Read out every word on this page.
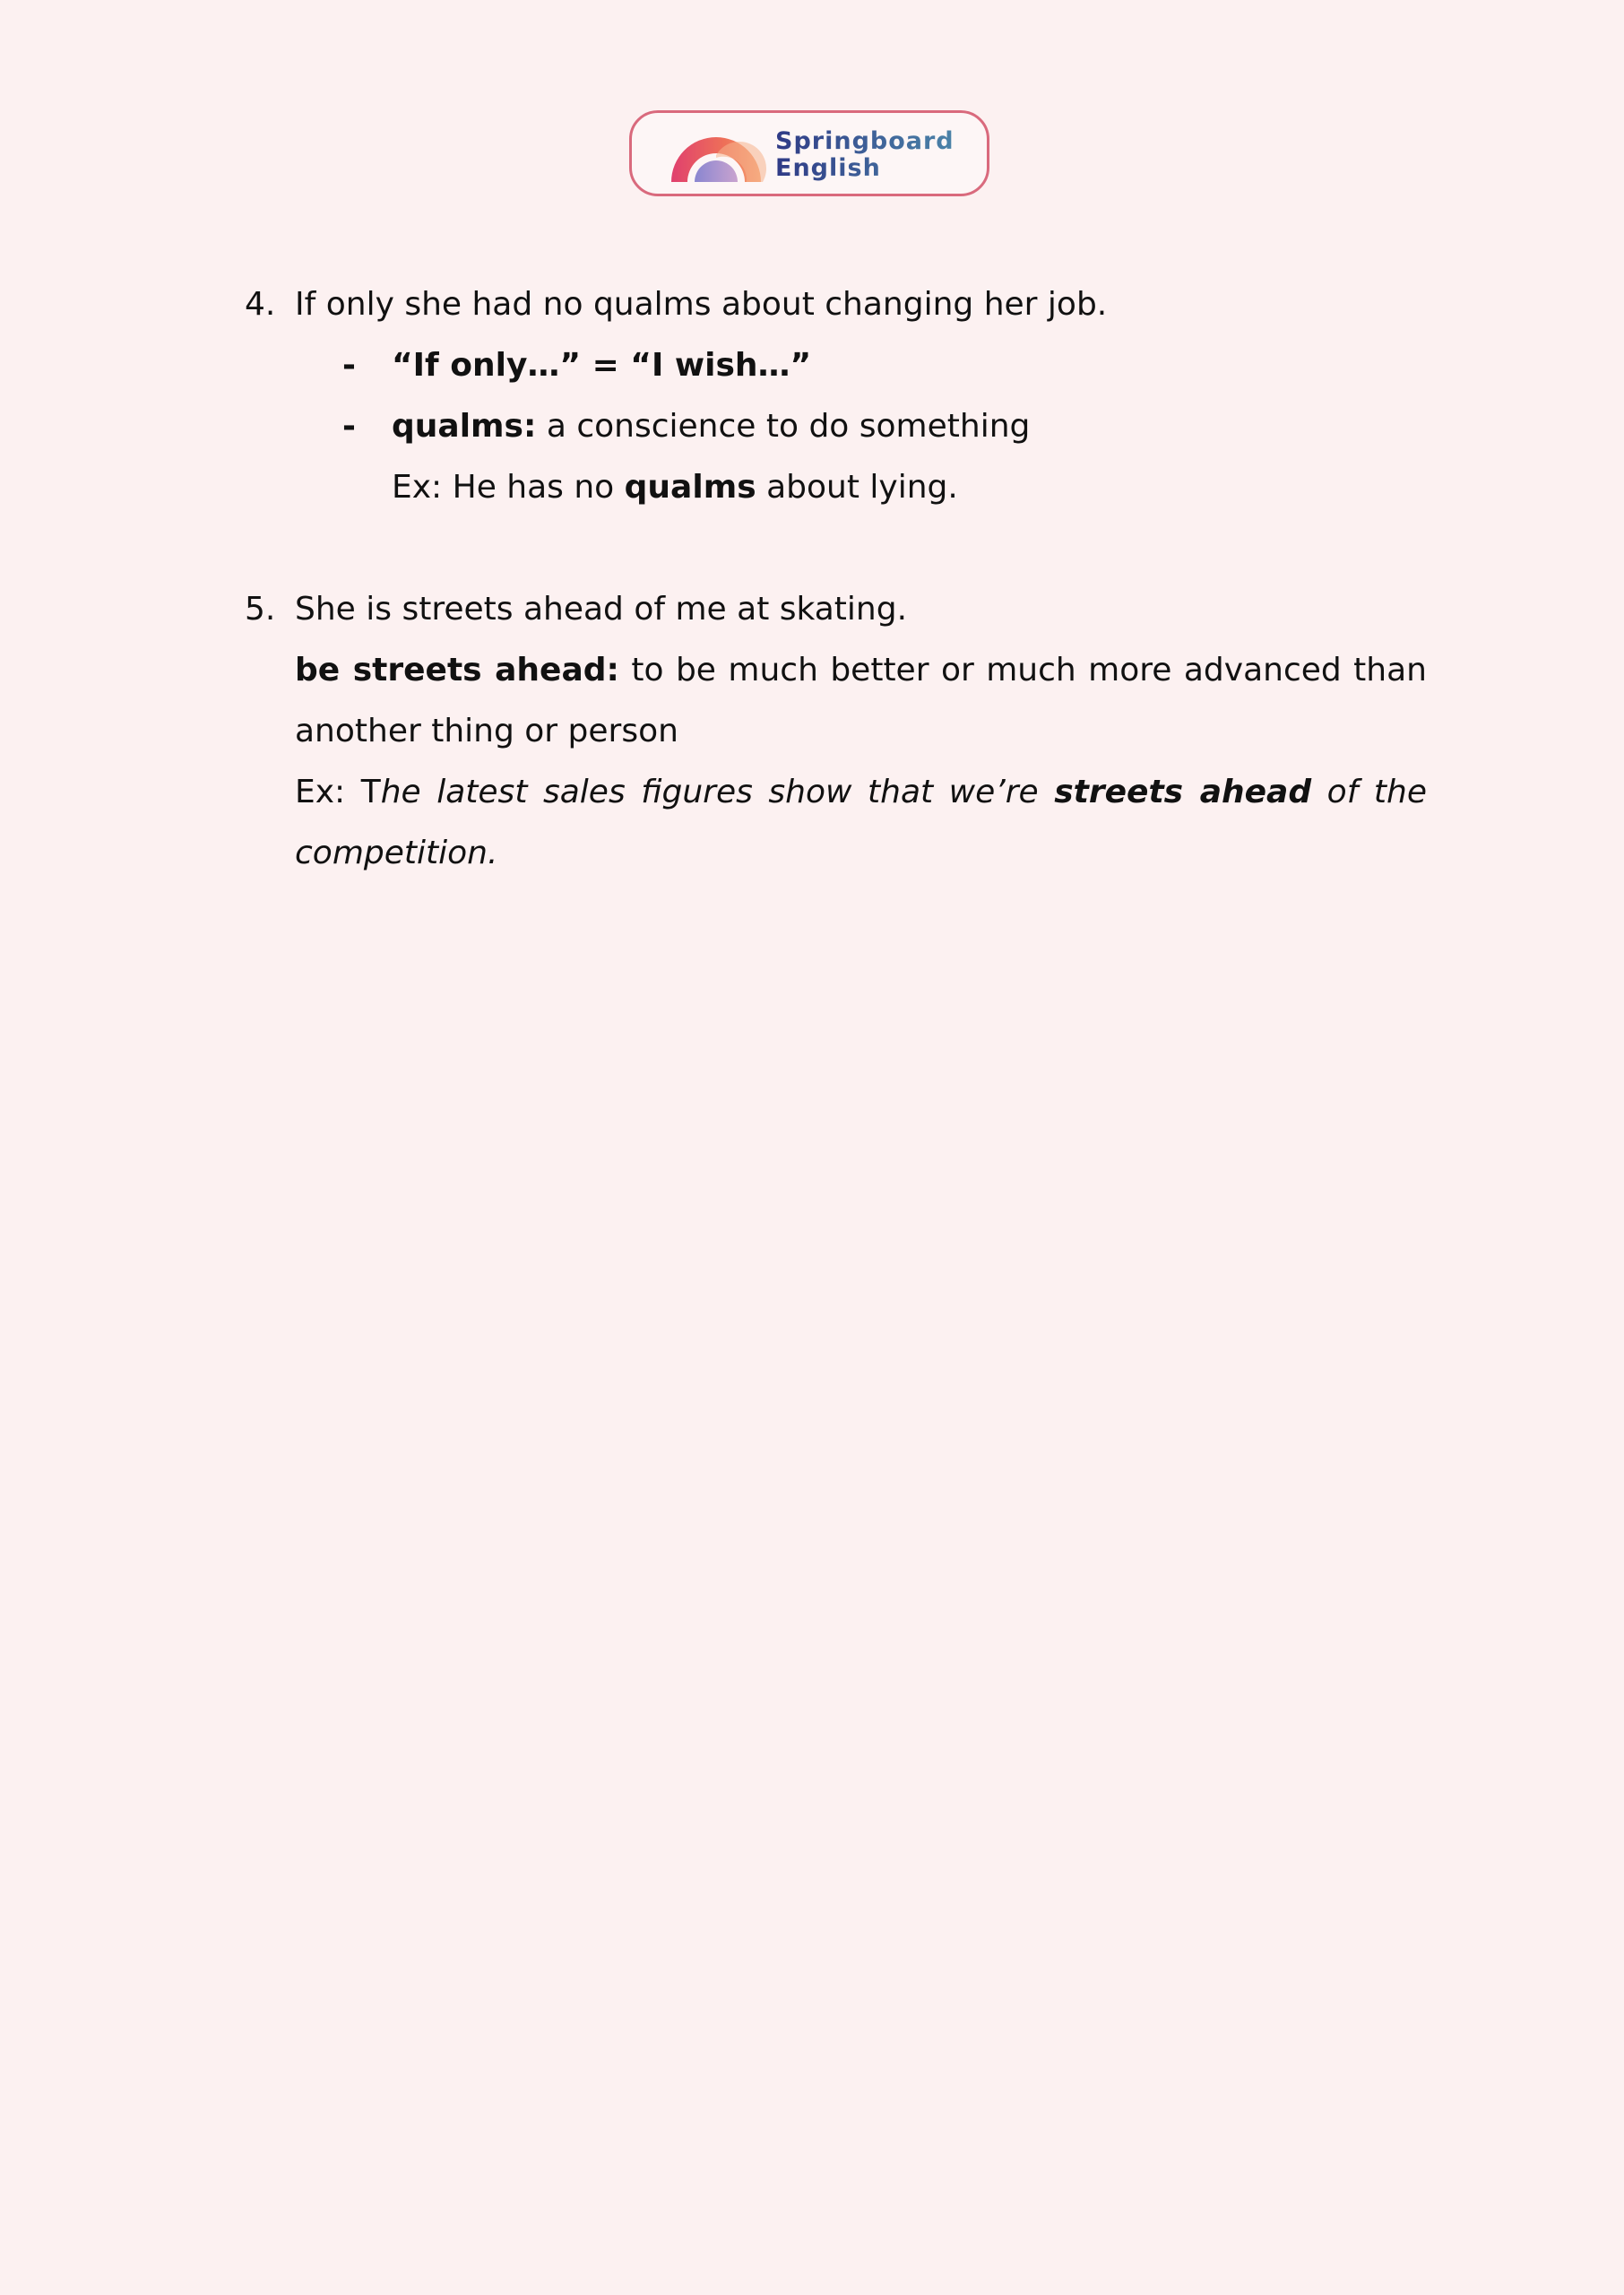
Springboard
English
4. If only she had no qualms about changing her job.
- “If only…” = “I wish…”
- qualms: a conscience to do something
Ex: He has no qualms about lying.
5. She is streets ahead of me at skating.
be streets ahead: to be much better or much more advanced than
another thing or person
Ex: The latest sales figures show that we’re streets ahead of the
competition.
